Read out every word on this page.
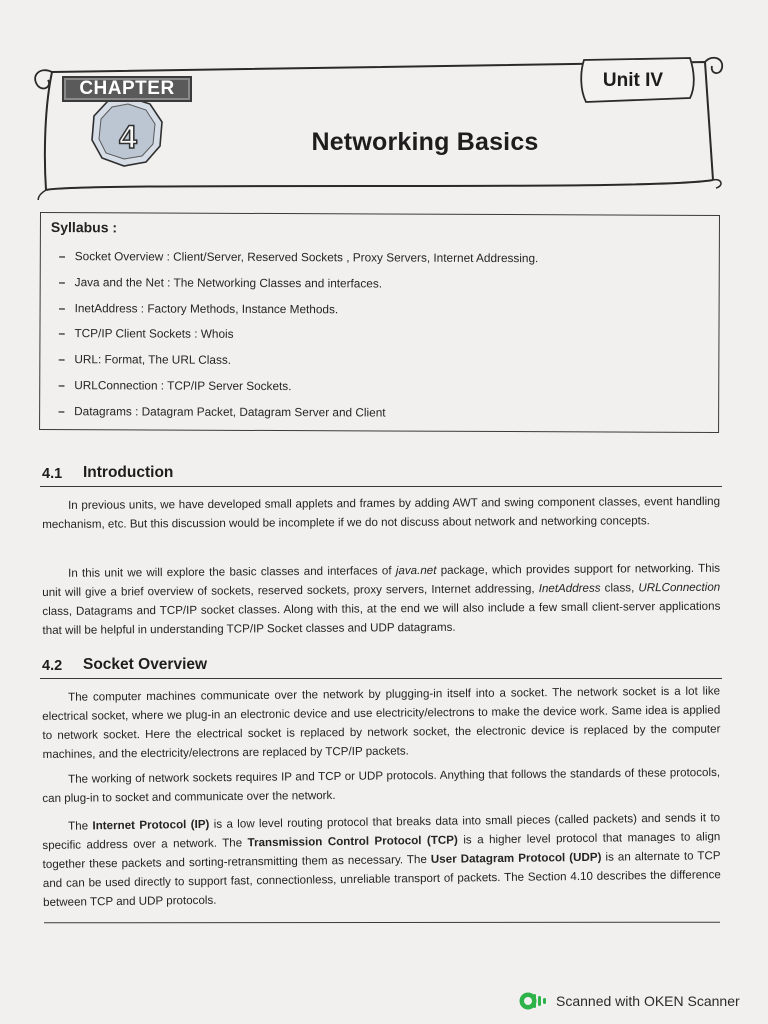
CHAPTER
4
Unit IV
Networking Basics
Syllabus :
– Socket Overview : Client/Server, Reserved Sockets , Proxy Servers, Internet Addressing.
– Java and the Net : The Networking Classes and interfaces.
– InetAddress : Factory Methods, Instance Methods.
– TCP/IP Client Sockets : Whois
– URL: Format, The URL Class.
– URLConnection : TCP/IP Server Sockets.
– Datagrams : Datagram Packet, Datagram Server and Client
4.1 Introduction

In previous units, we have developed small applets and frames by adding AWT and swing component classes, event handling mechanism, etc. But this discussion would be incomplete if we do not discuss about network and networking concepts.

In this unit we will explore the basic classes and interfaces of java.net package, which provides support for networking. This unit will give a brief overview of sockets, reserved sockets, proxy servers, Internet addressing, InetAddress class, URLConnection class, Datagrams and TCP/IP socket classes. Along with this, at the end we will also include a few small client-server applications that will be helpful in understanding TCP/IP Socket classes and UDP datagrams.

4.2 Socket Overview

The computer machines communicate over the network by plugging-in itself into a socket. The network socket is a lot like electrical socket, where we plug-in an electronic device and use electricity/electrons to make the device work. Same idea is applied to network socket. Here the electrical socket is replaced by network socket, the electronic device is replaced by the computer machines, and the electricity/electrons are replaced by TCP/IP packets.

The working of network sockets requires IP and TCP or UDP protocols. Anything that follows the standards of these protocols, can plug-in to socket and communicate over the network.

The Internet Protocol (IP) is a low level routing protocol that breaks data into small pieces (called packets) and sends it to specific address over a network. The Transmission Control Protocol (TCP) is a higher level protocol that manages to align together these packets and sorting-retransmitting them as necessary. The User Datagram Protocol (UDP) is an alternate to TCP and can be used directly to support fast, connectionless, unreliable transport of packets. The Section 4.10 describes the difference between TCP and UDP protocols.

Scanned with OKEN Scanner
